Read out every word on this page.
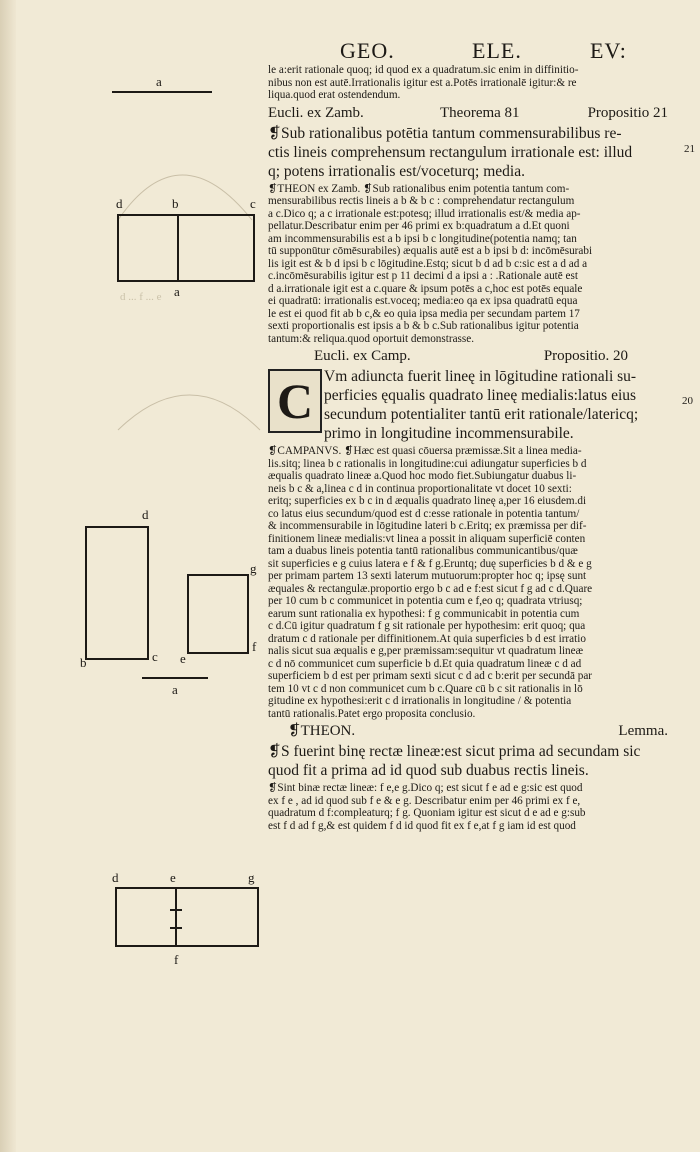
GEO.	ELE.	EV:
21
20
a
d	b	c
a
d ... f ... e
d
b	c
g
e
f
a
d	e	g
f

le a:erit rationale quoq; id quod ex a quadratum.sic enim in diffinitio-
nibus non est autē.Irrationalis igitur est a.Potēs irrationalē igitur:& re
liqua.quod erat ostendendum.

Eucli. ex Zamb.	Theorema 81	Propositio 21

❡Sub rationalibus potētia tantum commensurabilibus re-
ctis lineis comprehensum rectangulum irrationale est: illud
q; potens irrationalis est/voceturq; media.

❡THEON ex Zamb. ❡Sub rationalibus enim potentia tantum com-
mensurabilibus rectis lineis a b & b c : comprehendatur rectangulum
a c.Dico q; a c irrationale est:potesq; illud irrationalis est/& media ap-
pellatur.Describatur enim per 46 primi ex b:quadratum a d.Et quoni
am incommensurabilis est a b ipsi b c longitudine(potentia namq; tan
tū supponūtur cōmēsurabiles) æqualis autē est a b ipsi b d: incōmēsurabi
lis igit est & b d ipsi b c lōgitudine.Estq; sicut b d ad b c:sic est a d ad a
c.incōmēsurabilis igitur est p 11 decimi d a ipsi a : .Rationale autē est
d a.irrationale igit est a c.quare & ipsum potēs a c,hoc est potēs equale
ei quadratū: irrationalis est.voceq; media:eo qa ex ipsa quadratū equa
le est ei quod fit ab b c,& eo quia ipsa media per secundam partem 17
sexti proportionalis est ipsis a b & b c.Sub rationalibus igitur potentia
tantum:& reliqua.quod oportuit demonstrasse.

Eucli. ex Camp.	Propositio. 20
C Vm adiuncta fuerit lineę in lōgitudine rationali su-
perficies ęqualis quadrato lineę medialis:latus eius
secundum potentialiter tantū erit rationale/latericq;
primo in longitudine incommensurabile.

❡CAMPANVS. ❡Hæc est quasi cōuersa præmissæ.Sit a linea media-
lis.sitq; linea b c rationalis in longitudine:cui adiungatur superficies b d
æqualis quadrato lineæ a.Quod hoc modo fiet.Subiungatur duabus li-
neis b c & a,linea c d in continua proportionalitate vt docet 10 sexti:
eritq; superficies ex b c in d æqualis quadrato lineę a,per 16 eiusdem.di
co latus eius secundum/quod est d c:esse rationale in potentia tantum/
& incommensurabile in lōgitudine lateri b c.Eritq; ex præmissa per dif-
finitionem lineæ medialis:vt linea a possit in aliquam superficiē conten
tam a duabus lineis potentia tantū rationalibus communicantibus/quæ
sit superficies e g cuius latera e f & f g.Eruntq; duę superficies b d & e g
per primam partem 13 sexti laterum mutuorum:propter hoc q; ipsę sunt
æquales & rectangulæ.proportio ergo b c ad e f:est sicut f g ad c d.Quare
per 10 cum b c communicet in potentia cum e f,eo q; quadrata vtriusq;
earum sunt rationalia ex hypothesi: f g communicabit in potentia cum
c d.Cū igitur quadratum f g sit rationale per hypothesim: erit quoq; qua
dratum c d rationale per diffinitionem.At quia superficies b d est irratio
nalis sicut sua æqualis e g,per præmissam:sequitur vt quadratum lineæ
c d nō communicet cum superficie b d.Et quia quadratum lineæ c d ad
superficiem b d est per primam sexti sicut c d ad c b:erit per secundā par
tem 10 vt c d non communicet cum b c.Quare cū b c sit rationalis in lō
gitudine ex hypothesi:erit c d irrationalis in longitudine / & potentia
tantū rationalis.Patet ergo proposita conclusio.

❡THEON.	Lemma.

❡S fuerint binę rectæ lineæ:est sicut prima ad secundam sic
quod fit a prima ad id quod sub duabus rectis lineis.

❡Sint binæ rectæ lineæ: f e,e g.Dico q; est sicut f e ad e g:sic est quod
ex f e , ad id quod sub f e & e g. Describatur enim per 46 primi ex f e,
quadratum d f:compleaturq; f g. Quoniam igitur est sicut d e ad e g:sub
est f d ad f g,& est quidem f d id quod fit ex f e,at f g iam id est quod
